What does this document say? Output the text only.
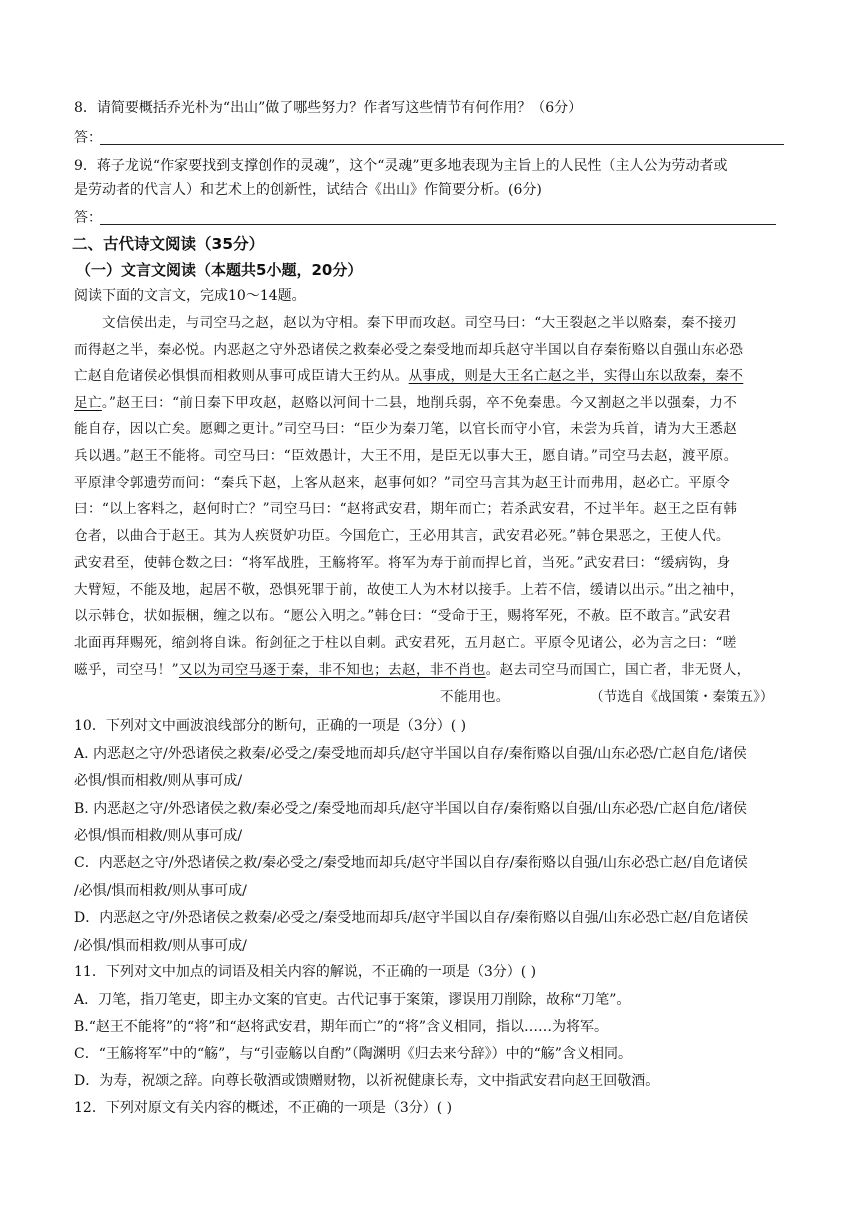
8．请简要概括乔光朴为“出山”做了哪些努力？作者写这些情节有何作用？（6分）
答：
9．蒋子龙说“作家要找到支撑创作的灵魂”，这个“灵魂”更多地表现为主旨上的人民性（主人公为劳动者或
是劳动者的代言人）和艺术上的创新性，试结合《出山》作简要分析。(6分)
答：
二、古代诗文阅读（35分）
（一）文言文阅读（本题共5小题，20分）
阅读下面的文言文，完成10～14题。
文信侯出走，与司空马之赵，赵以为守相。秦下甲而攻赵。司空马曰：“大王裂赵之半以赂秦，秦不接刃
而得赵之半，秦必悦。内恶赵之守外恐诸侯之救秦必受之秦受地而却兵赵守半国以自存秦衔赂以自强山东必恐
亡赵自危诸侯必惧惧而相救则从事可成臣请大王约从。从事成，则是大王名亡赵之半，实得山东以敌秦，秦不
足亡。”赵王曰：“前日秦下甲攻赵，赵赂以河间十二县，地削兵弱，卒不免秦患。今又割赵之半以强秦，力不
能自存，因以亡矣。愿卿之更计。”司空马曰：“臣少为秦刀笔，以官长而守小官，未尝为兵首，请为大王悉赵
兵以遇。”赵王不能将。司空马曰：“臣效愚计，大王不用，是臣无以事大王，愿自请。”司空马去赵，渡平原。
平原津令郭遗劳而问：“秦兵下赵，上客从赵来，赵事何如？”司空马言其为赵王计而弗用，赵必亡。平原令
曰：“以上客料之，赵何时亡？”司空马曰：“赵将武安君，期年而亡；若杀武安君，不过半年。赵王之臣有韩
仓者，以曲合于赵王。其为人疾贤妒功臣。今国危亡，王必用其言，武安君必死。”韩仓果恶之，王使人代。
武安君至，使韩仓数之曰：“将军战胜，王觞将军。将军为寿于前而捍匕首，当死。”武安君曰：“缓病钩，身
大臂短，不能及地，起居不敬，恐惧死罪于前，故使工人为木材以接手。上若不信，缓请以出示。”出之袖中，
以示韩仓，状如振梱，缠之以布。“愿公入明之。”韩仓曰：“受命于王，赐将军死，不赦。臣不敢言。”武安君
北面再拜赐死，缩剑将自诛。衔剑征之于柱以自刺。武安君死，五月赵亡。平原令见诸公，必为言之曰：“嗟
嗞乎，司空马！”又以为司空马逐于秦，非不知也；去赵，非不肖也。赵去司空马而国亡，国亡者，非无贤人，
不能用也。	（节选自《战国策・秦策五》）
10．下列对文中画波浪线部分的断句，正确的一项是（3分）( )
A. 内恶赵之守/外恐诸侯之救秦/必受之/秦受地而却兵/赵守半国以自存/秦衔赂以自强/山东必恐/亡赵自危/诸侯
必惧/惧而相救/则从事可成/
B. 内恶赵之守/外恐诸侯之救/秦必受之/秦受地而却兵/赵守半国以自存/秦衔赂以自强/山东必恐/亡赵自危/诸侯
必惧/惧而相救/则从事可成/
C．内恶赵之守/外恐诸侯之救/秦必受之/秦受地而却兵/赵守半国以自存/秦衔赂以自强/山东必恐亡赵/自危诸侯
/必惧/惧而相救/则从事可成/
D．内恶赵之守/外恐诸侯之救秦/必受之/秦受地而却兵/赵守半国以自存/秦衔赂以自强/山东必恐亡赵/自危诸侯
/必惧/惧而相救/则从事可成/
11．下列对文中加点的词语及相关内容的解说，不正确的一项是（3分）( )
A．刀笔，指刀笔吏，即主办文案的官吏。古代记事于案策，谬误用刀削除，故称“刀笔”。
B.“赵王不能将”的“将”和“赵将武安君，期年而亡”的“将”含义相同，指以……为将军。
C．“王觞将军”中的“觞”，与“引壶觞以自酌”（陶渊明《归去来兮辞》）中的“觞”含义相同。
D．为寿，祝颂之辞。向尊长敬酒或馈赠财物，以祈祝健康长寿，文中指武安君向赵王回敬酒。
12．下列对原文有关内容的概述，不正确的一项是（3分）( )
